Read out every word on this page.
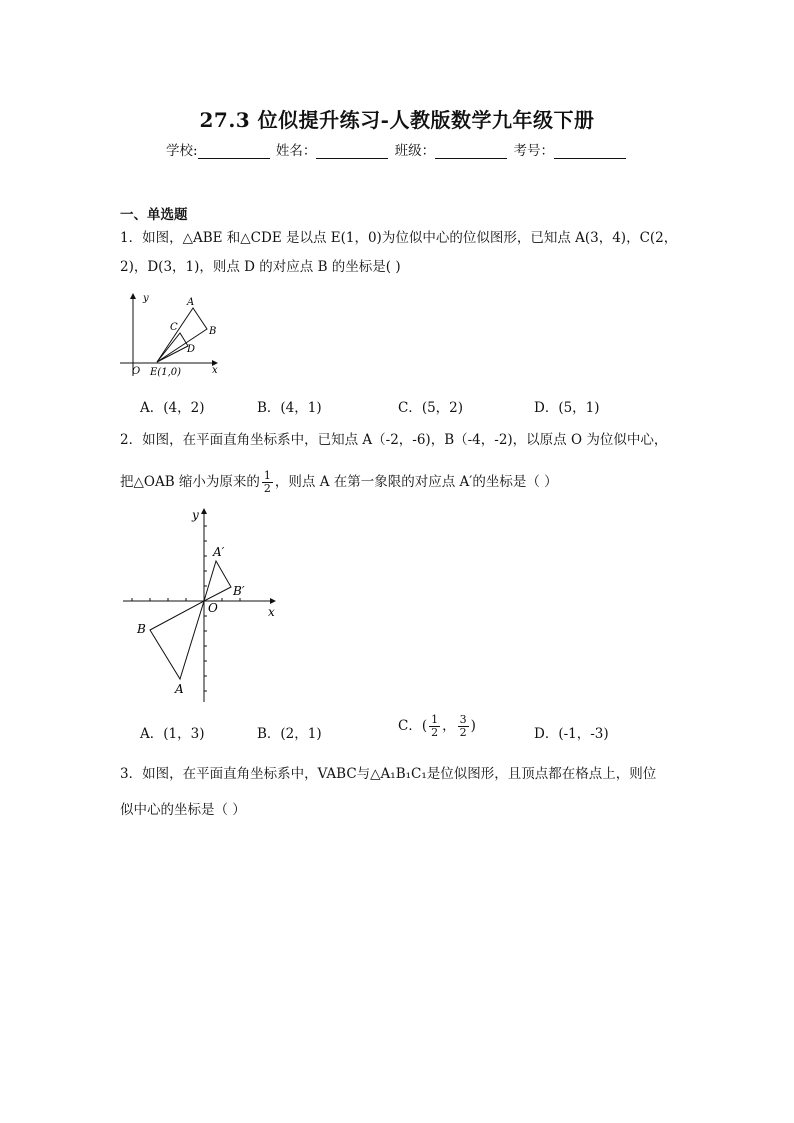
27.3 位似提升练习-人教版数学九年级下册
学校:	姓名：	班级：	考号：
一、单选题
1．如图，△ABE 和△CDE 是以点 E(1，0)为位似中心的位似图形，已知点 A(3，4)，C(2，
2)，D(3，1)，则点 D 的对应点 B 的坐标是( )
y
x
O
A
B
C
D
E(1,0)
A．(4，2)	B．(4，1)	C．(5，2)	D．(5，1)
2．如图，在平面直角坐标系中，已知点 A（-2，-6)，B（-4，-2)，以原点 O 为位似中心，
把△OAB 缩小为原来的 $\frac{1}{2}$ ，则点 A 在第一象限的对应点 A′的坐标是（ ）
y
x
O
A
B
A′
B′
A．(1，3)	B．(2，1)	C．( $\frac{1}{2}$ ， $\frac{3}{2}$ )	D．(-1，-3)
3．如图，在平面直角坐标系中，VABC与△A₁B₁C₁是位似图形，且顶点都在格点上，则位
似中心的坐标是（ ）
